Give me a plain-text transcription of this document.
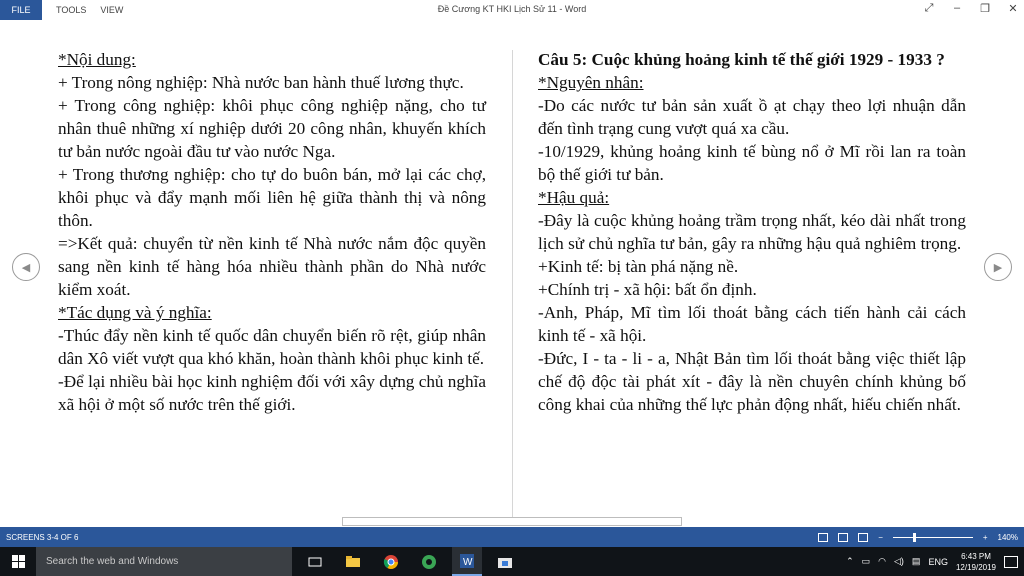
FILE	TOOLS VIEW	Đề Cương KT HKI Lịch Sử 11 - Word	⤢	–	❐ ✕

*Nội dung:

+ Trong nông nghiệp: Nhà nước ban hành thuế lương thực.

+ Trong công nghiệp: khôi phục công nghiệp nặng, cho tư nhân thuê những xí nghiệp dưới 20 công nhân, khuyến khích tư bản nước ngoài đầu tư vào nước Nga.

+ Trong thương nghiệp: cho tự do buôn bán, mở lại các chợ, khôi phục và đẩy mạnh mối liên hệ giữa thành thị và nông thôn.

=>Kết quả: chuyển từ nền kinh tế Nhà nước nắm độc quyền sang nền kinh tế hàng hóa nhiều thành phần do Nhà nước kiểm xoát.

*Tác dụng và ý nghĩa:

-Thúc đẩy nền kinh tế quốc dân chuyển biến rõ rệt, giúp nhân dân Xô viết vượt qua khó khăn, hoàn thành khôi phục kinh tế.

-Để lại nhiều bài học kinh nghiệm đối với xây dựng chủ nghĩa xã hội ở một số nước trên thế giới.

Câu 5: Cuộc khủng hoảng kinh tế thế giới 1929 - 1933 ?

*Nguyên nhân:

-Do các nước tư bản sản xuất ồ ạt chạy theo lợi nhuận dẫn đến tình trạng cung vượt quá xa cầu.

-10/1929, khủng hoảng kinh tế bùng nổ ở Mĩ rồi lan ra toàn bộ thế giới tư bản.

*Hậu quả:

-Đây là cuộc khủng hoảng trầm trọng nhất, kéo dài nhất trong lịch sử chủ nghĩa tư bản, gây ra những hậu quả nghiêm trọng.

+Kinh tế: bị tàn phá nặng nề.

+Chính trị - xã hội: bất ổn định.

-Anh, Pháp, Mĩ tìm lối thoát bằng cách tiến hành cải cách kinh tế - xã hội.

-Đức, I - ta - li - a, Nhật Bản tìm lối thoát bằng việc thiết lập chế độ độc tài phát xít - đây là nền chuyên chính khủng bố công khai của những thế lực phản động nhất, hiếu chiến nhất.

◀	▶
SCREENS 3-4 OF 6	−	+ 140%
Search the web and Windows	W	⌃ ▭ ◠ ◁) ▤ ENG
6:43 PM
12/19/2019
